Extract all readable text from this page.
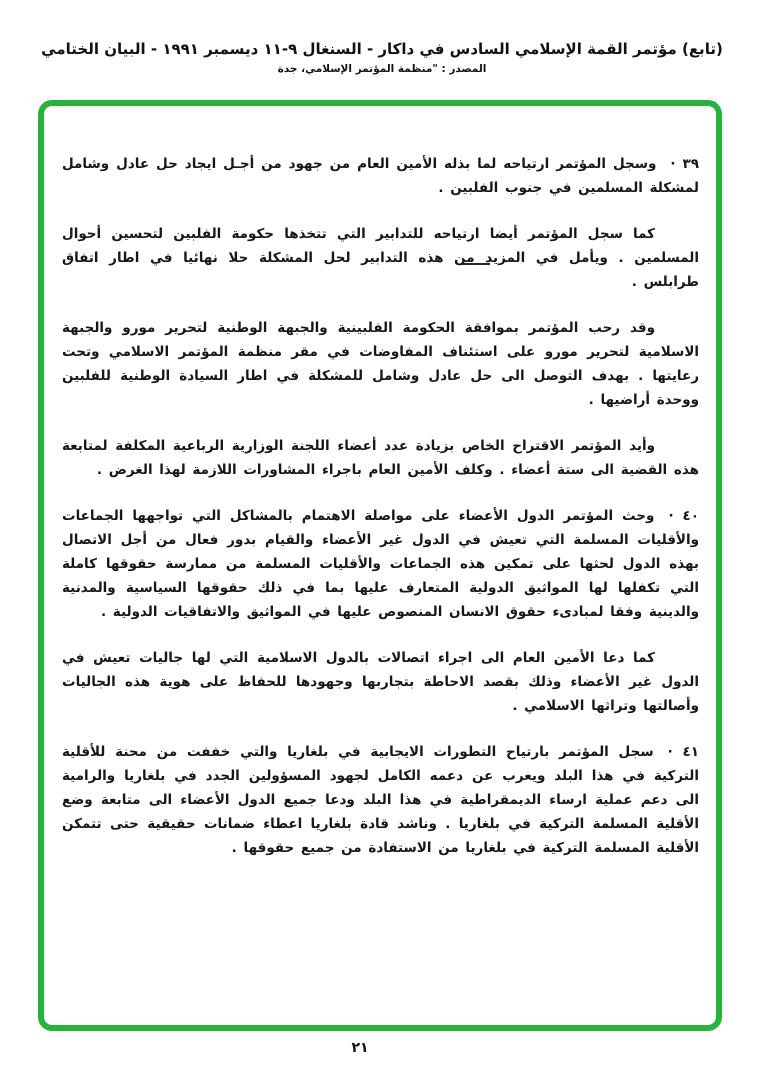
(تابع) مؤتمر القمة الإسلامي السادس في داكار - السنغال ٩-١١ ديسمبر ١٩٩١ - البيان الختامي
المصدر : "منظمة المؤتمر الإسلامي، جدة

٣٩ ·وسجل المؤتمر ارتياحه لما بذله الأمين العام من جهود من أجـل ايجاد حل عادل وشامل لمشكلة المسلمين في جنوب الفلبين .

كما سجل المؤتمر أيضا ارتياحه للتدابير التي تتخذها حكومة الفلبين لتحسين أحوال المسلمين . ويأمل في المزيد من هذه التدابير لحل المشكلة حلا نهائيا في اطار اتفاق طرابلس .

وقد رحب المؤتمر بموافقة الحكومة الفلبينية والجبهة الوطنية لتحرير مورو والجبهة الاسلامية لتحرير مورو على استئناف المفاوضات في مقر منظمة المؤتمر الاسلامي وتحت رعايتها . بهدف التوصل الى حل عادل وشامل للمشكلة في اطار السيادة الوطنية للفلبين ووحدة أراضيها .

وأيد المؤتمر الاقتراح الخاص بزيادة عدد أعضاء اللجنة الوزارية الرباعية المكلفة لمتابعة هذه القضية الى ستة أعضاء . وكلف الأمين العام باجراء المشاورات اللازمة لهذا الغرض .

٤٠ ·وحث المؤتمر الدول الأعضاء على مواصلة الاهتمام بالمشاكل التي تواجهها الجماعات والأقليات المسلمة التي تعيش في الدول غير الأعضاء والقيام بدور فعال من أجل الاتصال بهذه الدول لحثها على تمكين هذه الجماعات والأقليات المسلمة من ممارسة حقوقها كاملة التي تكفلها لها المواثيق الدولية المتعارف عليها بما في ذلك حقوقها السياسية والمدنية والدينية وفقا لمبادىء حقوق الانسان المنصوص عليها في المواثيق والاتفاقيات الدولية .

كما دعا الأمين العام الى اجراء اتصالات بالدول الاسلامية التي لها جاليات تعيش في الدول غير الأعضاء وذلك بقصد الاحاطة بتجاربها وجهودها للحفاظ على هوية هذه الجاليات وأصالتها وتراثها الاسلامي .

٤١ ·سجل المؤتمر بارتياح التطورات الايجابية في بلغاريا والتي خففت من محنة للأقلية التركية في هذا البلد ويعرب عن دعمه الكامل لجهود المسؤولين الجدد في بلغاريا والرامية الى دعم عملية ارساء الديمقراطية في هذا البلد ودعا جميع الدول الأعضاء الى متابعة وضع الأقلية المسلمة التركية في بلغاريا . وناشد قادة بلغاريا اعطاء ضمانات حقيقية حتى تتمكن الأقلية المسلمة التركية في بلغاريا من الاستفادة من جميع حقوقها .

٢١
